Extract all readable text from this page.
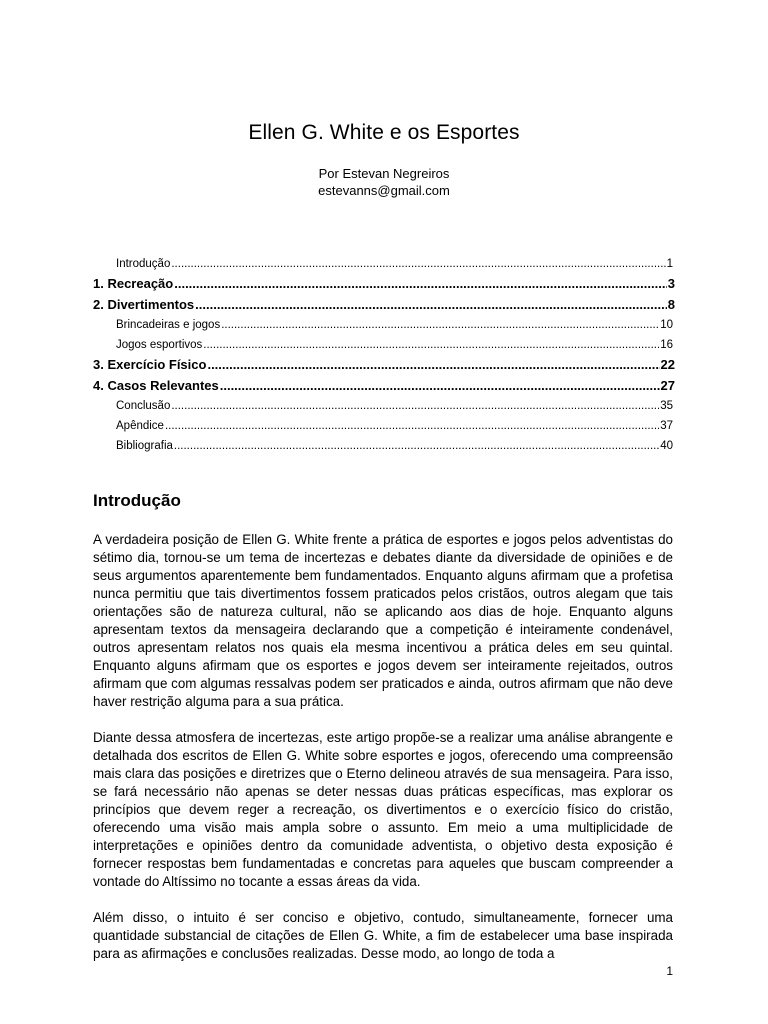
Ellen G. White e os Esportes
Por Estevan Negreiros
estevanns@gmail.com
Introdução .....	1
1. Recreação .....	3
2. Divertimentos .....	8
Brincadeiras e jogos .....	10
Jogos esportivos .....	16
3. Exercício Físico .....	22
4. Casos Relevantes .....	27
Conclusão .....	35
Apêndice .....	37
Bibliografia .....	40
Introdução

A verdadeira posição de Ellen G. White frente a prática de esportes e jogos pelos adventistas do sétimo dia, tornou-se um tema de incertezas e debates diante da diversidade de opiniões e de seus argumentos aparentemente bem fundamentados. Enquanto alguns afirmam que a profetisa nunca permitiu que tais divertimentos fossem praticados pelos cristãos, outros alegam que tais orientações são de natureza cultural, não se aplicando aos dias de hoje. Enquanto alguns apresentam textos da mensageira declarando que a competição é inteiramente condenável, outros apresentam relatos nos quais ela mesma incentivou a prática deles em seu quintal. Enquanto alguns afirmam que os esportes e jogos devem ser inteiramente rejeitados, outros afirmam que com algumas ressalvas podem ser praticados e ainda, outros afirmam que não deve haver restrição alguma para a sua prática.

Diante dessa atmosfera de incertezas, este artigo propõe-se a realizar uma análise abrangente e detalhada dos escritos de Ellen G. White sobre esportes e jogos, oferecendo uma compreensão mais clara das posições e diretrizes que o Eterno delineou através de sua mensageira. Para isso, se fará necessário não apenas se deter nessas duas práticas específicas, mas explorar os princípios que devem reger a recreação, os divertimentos e o exercício físico do cristão, oferecendo uma visão mais ampla sobre o assunto. Em meio a uma multiplicidade de interpretações e opiniões dentro da comunidade adventista, o objetivo desta exposição é fornecer respostas bem fundamentadas e concretas para aqueles que buscam compreender a vontade do Altíssimo no tocante a essas áreas da vida.

Além disso, o intuito é ser conciso e objetivo, contudo, simultaneamente, fornecer uma quantidade substancial de citações de Ellen G. White, a fim de estabelecer uma base inspirada para as afirmações e conclusões realizadas. Desse modo, ao longo de toda a

1
